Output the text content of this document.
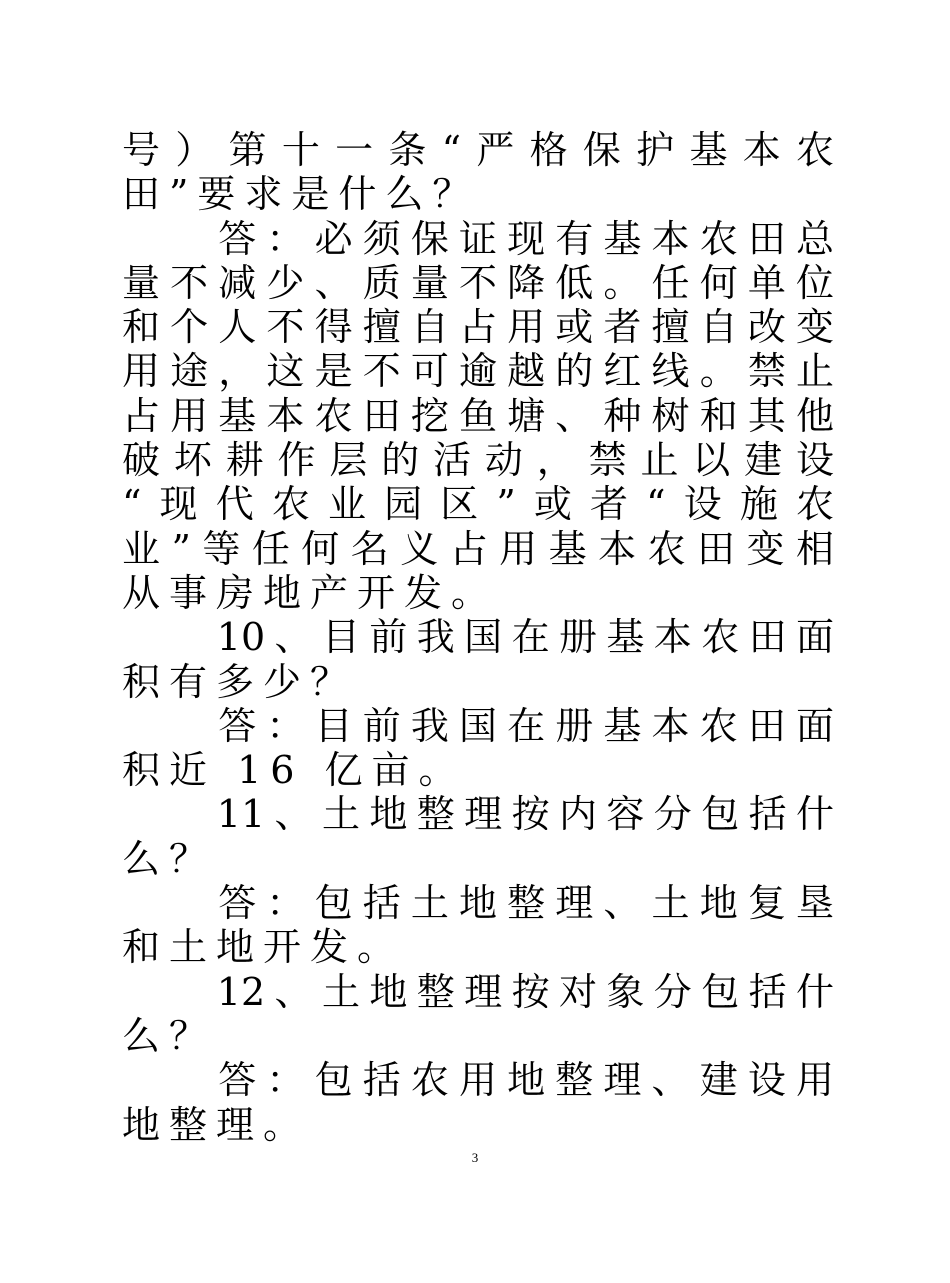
号）第十一条“严格保护基本农
田”要求是什么？
　　答：必须保证现有基本农田总
量不减少、质量不降低。任何单位
和个人不得擅自占用或者擅自改变
用途，这是不可逾越的红线。禁止
占用基本农田挖鱼塘、种树和其他
破坏耕作层的活动，禁止以建设
“现代农业园区”或者“设施农
业”等任何名义占用基本农田变相
从事房地产开发。
　　10、目前我国在册基本农田面
积有多少？
　　答：目前我国在册基本农田面
积近 16 亿亩。
　　11、土地整理按内容分包括什
么？
　　答：包括土地整理、土地复垦
和土地开发。
　　12、土地整理按对象分包括什
么？
　　答：包括农用地整理、建设用
地整理。
3
